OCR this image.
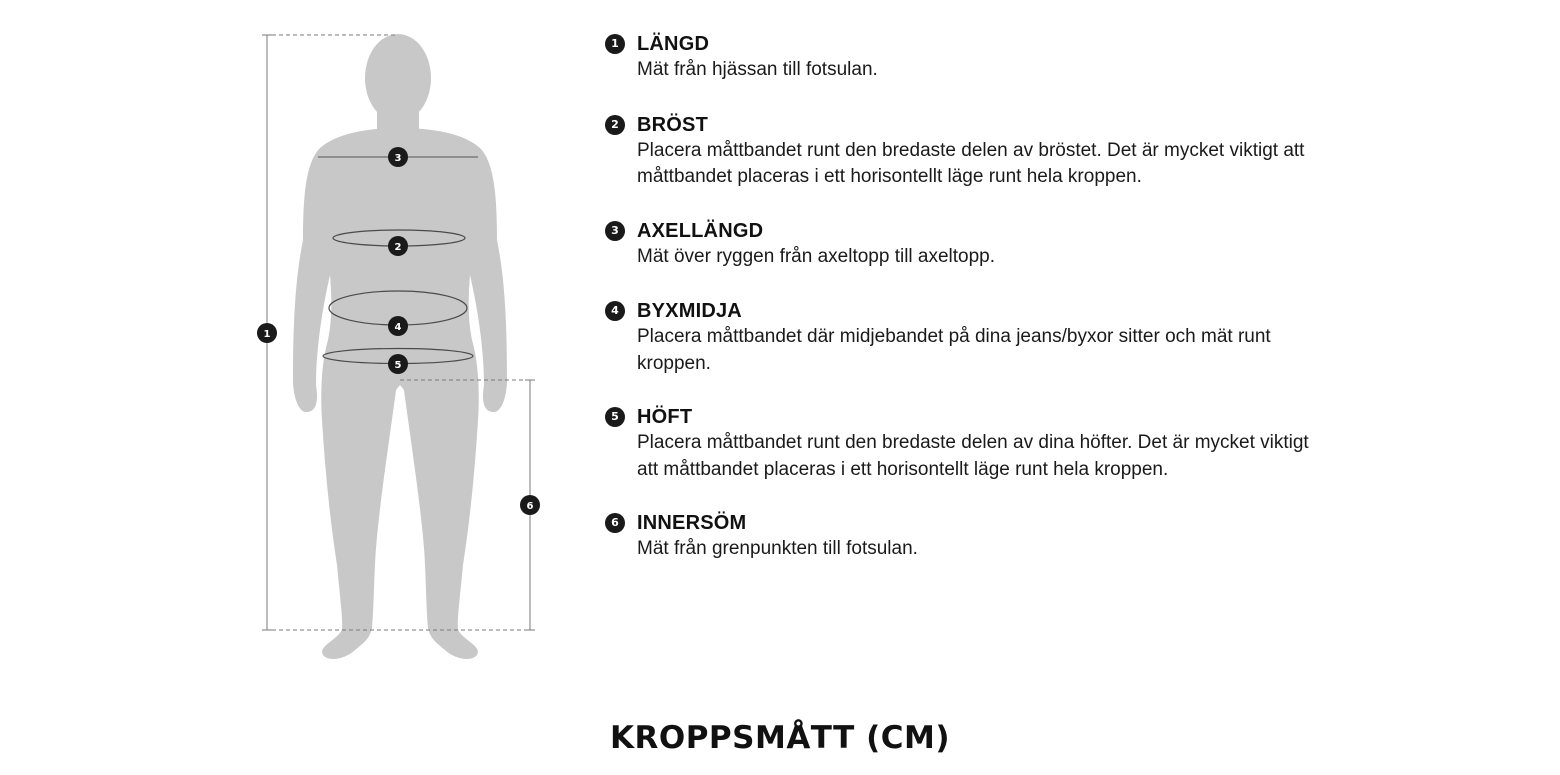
1
2
3
4
5
6
1 LÄNGD
Mät från hjässan till fotsulan.
2 BRÖST
Placera måttbandet runt den bredaste delen av bröstet. Det är mycket viktigt att måttbandet placeras i ett horisontellt läge runt hela kroppen.
3 AXELLÄNGD
Mät över ryggen från axeltopp till axeltopp.
4 BYXMIDJA
Placera måttbandet där midjebandet på dina jeans/byxor sitter och mät runt kroppen.
5 HÖFT
Placera måttbandet runt den bredaste delen av dina höfter. Det är mycket viktigt att måttbandet placeras i ett horisontellt läge runt hela kroppen.
6 INNERSÖM
Mät från grenpunkten till fotsulan.
KROPPSMÅTT (CM)
